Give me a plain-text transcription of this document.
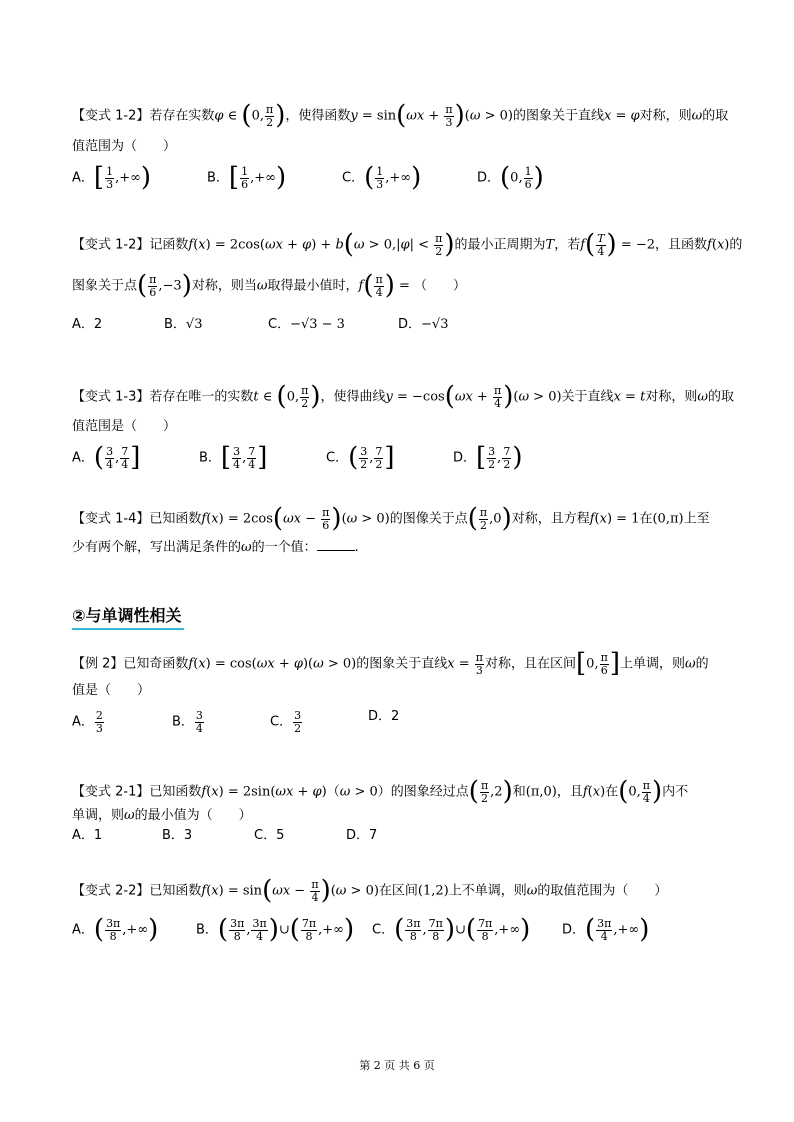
【变式 1-2】若存在实数φ ∈ (0, $\frac{\pi}{2}$ )，使得函数$y = \sin(\omega x + \frac{\pi}{3} )(\omega > 0)$的图象关于直线x = φ对称，则ω的取
值范围为（　　）
A．[ $\frac{1}{3}$ ,+∞)	B．[ $\frac{1}{6}$ ,+∞)	C．( $\frac{1}{3}$ ,+∞)	D．(0, $\frac{1}{6}$ )
【变式 1-2】记函数$f(x) = 2\cos(\omega x + \varphi) + b(\omega > 0,|\varphi| < \frac{\pi}{2}$ )的最小正周期为T，若$f( \frac{T}{4}$ ) = −2，且函数f(x)的
图象关于点( $\frac{\pi}{6} ,-3$)对称，则当ω取得最小值时，$f( \frac{\pi}{4}$ ) = （　　）
A．2	B．√3	C．−√3 − 3	D．−√3
【变式 1-3】若存在唯一的实数t ∈ (0, $\frac{\pi}{2}$ )，使得曲线$y = -\cos(\omega x + \frac{\pi}{4} )(\omega > 0)$关于直线x = t对称，则ω的取
值范围是（　　）
A．( $\frac{3}{4}$ , $\frac{7}{4}$ ]	B．[ $\frac{3}{4}$ , $\frac{7}{4}$ ]	C．( $\frac{3}{2}$ , $\frac{7}{2}$ ]	D．[ $\frac{3}{2}$ , $\frac{7}{2}$ )
【变式 1-4】已知函数$f(x) = 2\cos(\omega x - \frac{\pi}{6} )(\omega > 0)$的图像关于点( $\frac{\pi}{2} ,0$)对称，且方程f(x) = 1在(0,π)上至
少有两个解，写出满足条件的ω的一个值：	.
②与单调性相关
【例 2】已知奇函数f(x) = cos(ωx + φ)(ω > 0)的图象关于直线$x = \frac{\pi}{3}$ 对称，且在区间[0, $\frac{\pi}{6}$ ]上单调，则ω的
值是（　　）
A． $\frac{2}{3}$	B． $\frac{3}{4}$	C． $\frac{3}{2}$	D．2
【变式 2-1】已知函数f(x) = 2sin(ωx + φ)（ω > 0）的图象经过点( $\frac{\pi}{2} ,2$)和(π,0)，且f(x)在(0, $\frac{\pi}{4}$ )内不
单调，则ω的最小值为（　　）
A．1	B．3	C．5	D．7
【变式 2-2】已知函数$f(x) = \sin(\omega x - \frac{\pi}{4} )(\omega > 0)$在区间(1,2)上不单调，则ω的取值范围为（　　）
A．( $\frac{3\pi}{8}$ ,+∞)	B．( $\frac{3\pi}{8}$ , $\frac{3\pi}{4}$ )∪( $\frac{7\pi}{8}$ ,+∞) C．( $\frac{3\pi}{8}$ , $\frac{7\pi}{8}$ )∪( $\frac{7\pi}{8}$ ,+∞) D．( $\frac{3\pi}{4}$ ,+∞)
第 2 页 共 6 页
